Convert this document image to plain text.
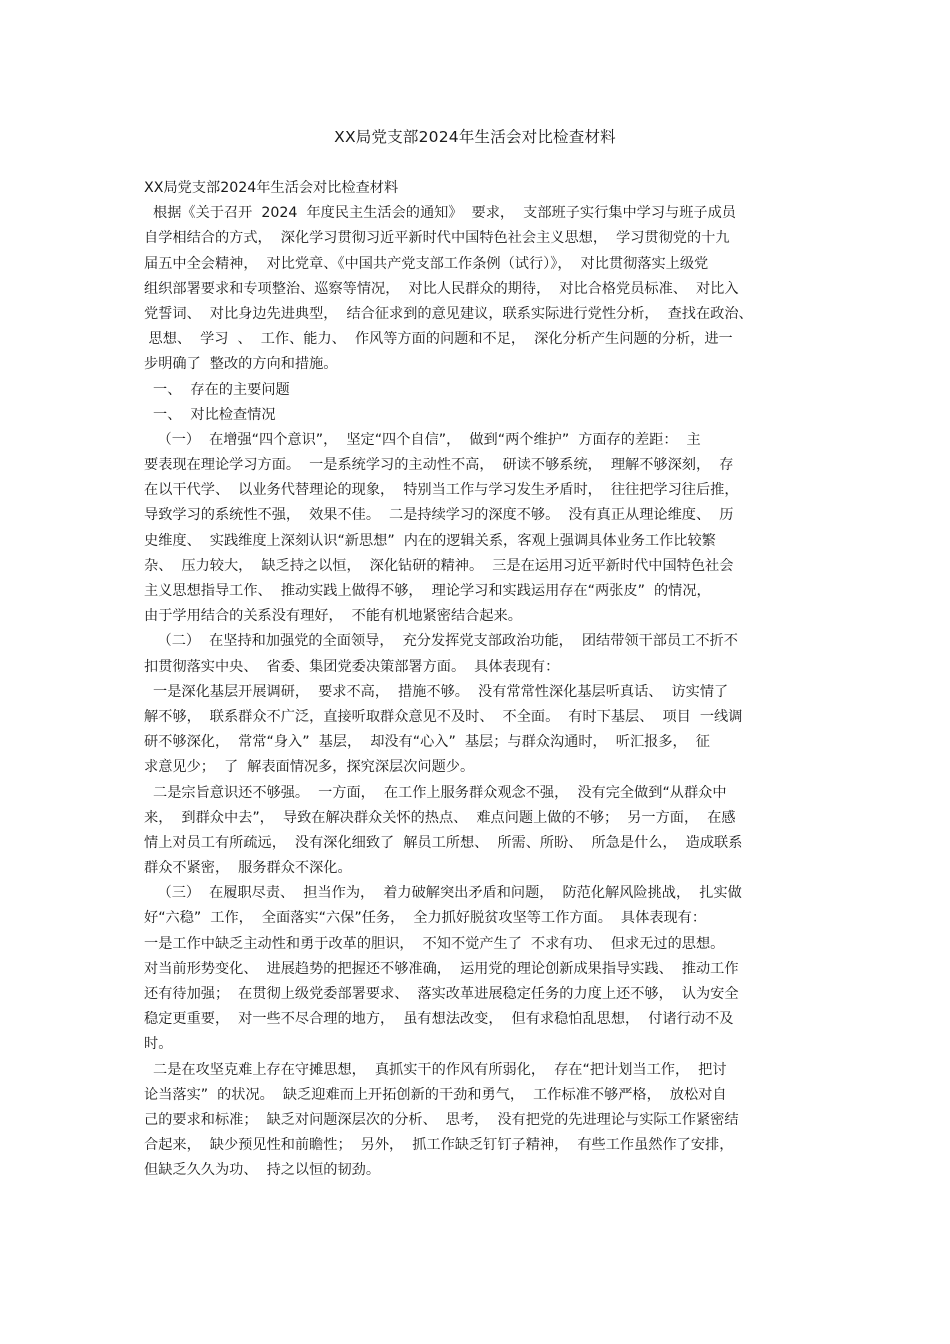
XX局党支部2024年生活会对比检查材料
XX局党支部2024年生活会对比检查材料
根据《关于召开  2024  年度民主生活会的通知》  要求，  支部班子实行集中学习与班子成员
自学相结合的方式，  深化学习贯彻习近平新时代中国特色社会主义思想，  学习贯彻党的十九
届五中全会精神，  对比党章、《中国共产党支部工作条例（试行）》，  对比贯彻落实上级党
组织部署要求和专项整治、巡察等情况，  对比人民群众的期待，  对比合格党员标准、  对比入
党誓词、  对比身边先进典型，  结合征求到的意见建议，联系实际进行党性分析，  查找在政治、
思想、  学习  、  工作、能力、  作风等方面的问题和不足，  深化分析产生问题的分析，进一
步明确了  整改的方向和措施。
一、  存在的主要问题
一、  对比检查情况
（一）  在增强“四个意识”，  坚定“四个自信”，  做到“两个维护”  方面存的差距：  主
要表现在理论学习方面。  一是系统学习的主动性不高，  研读不够系统，  理解不够深刻，  存
在以干代学、  以业务代替理论的现象，  特别当工作与学习发生矛盾时，  往往把学习往后推，
导致学习的系统性不强，  效果不佳。  二是持续学习的深度不够。  没有真正从理论维度、  历
史维度、  实践维度上深刻认识“新思想”  内在的逻辑关系，客观上强调具体业务工作比较繁
杂、  压力较大，  缺乏持之以恒，  深化钻研的精神。  三是在运用习近平新时代中国特色社会
主义思想指导工作、  推动实践上做得不够，  理论学习和实践运用存在“两张皮”  的情况，
由于学用结合的关系没有理好，  不能有机地紧密结合起来。
（二）  在坚持和加强党的全面领导，  充分发挥党支部政治功能，  团结带领干部员工不折不
扣贯彻落实中央、  省委、集团党委决策部署方面。  具体表现有：
一是深化基层开展调研，  要求不高，  措施不够。  没有常常性深化基层听真话、  访实情了
解不够，  联系群众不广泛，直接听取群众意见不及时、  不全面。  有时下基层、  项目  一线调
研不够深化，  常常“身入”  基层，  却没有“心入”  基层；与群众沟通时，  听汇报多，  征
求意见少；  了  解表面情况多，探究深层次问题少。
二是宗旨意识还不够强。  一方面，  在工作上服务群众观念不强，  没有完全做到“从群众中
来，  到群众中去”，  导致在解决群众关怀的热点、  难点问题上做的不够；  另一方面，  在感
情上对员工有所疏远，  没有深化细致了  解员工所想、  所需、所盼、  所急是什么，  造成联系
群众不紧密，  服务群众不深化。
（三）  在履职尽责、  担当作为，  着力破解突出矛盾和问题，  防范化解风险挑战，  扎实做
好“六稳”  工作，  全面落实“六保”任务，  全力抓好脱贫攻坚等工作方面。  具体表现有：
一是工作中缺乏主动性和勇于改革的胆识，  不知不觉产生了  不求有功、  但求无过的思想。
对当前形势变化、  进展趋势的把握还不够准确，  运用党的理论创新成果指导实践、  推动工作
还有待加强；  在贯彻上级党委部署要求、  落实改革进展稳定任务的力度上还不够，  认为安全
稳定更重要，  对一些不尽合理的地方，  虽有想法改变，  但有求稳怕乱思想，  付诸行动不及
时。
二是在攻坚克难上存在守摊思想，  真抓实干的作风有所弱化，  存在“把计划当工作，  把讨
论当落实”  的状况。  缺乏迎难而上开拓创新的干劲和勇气，  工作标准不够严格，  放松对自
己的要求和标准；  缺乏对问题深层次的分析、  思考，  没有把党的先进理论与实际工作紧密结
合起来，  缺少预见性和前瞻性；  另外，  抓工作缺乏钉钉子精神，  有些工作虽然作了安排，
但缺乏久久为功、  持之以恒的韧劲。
